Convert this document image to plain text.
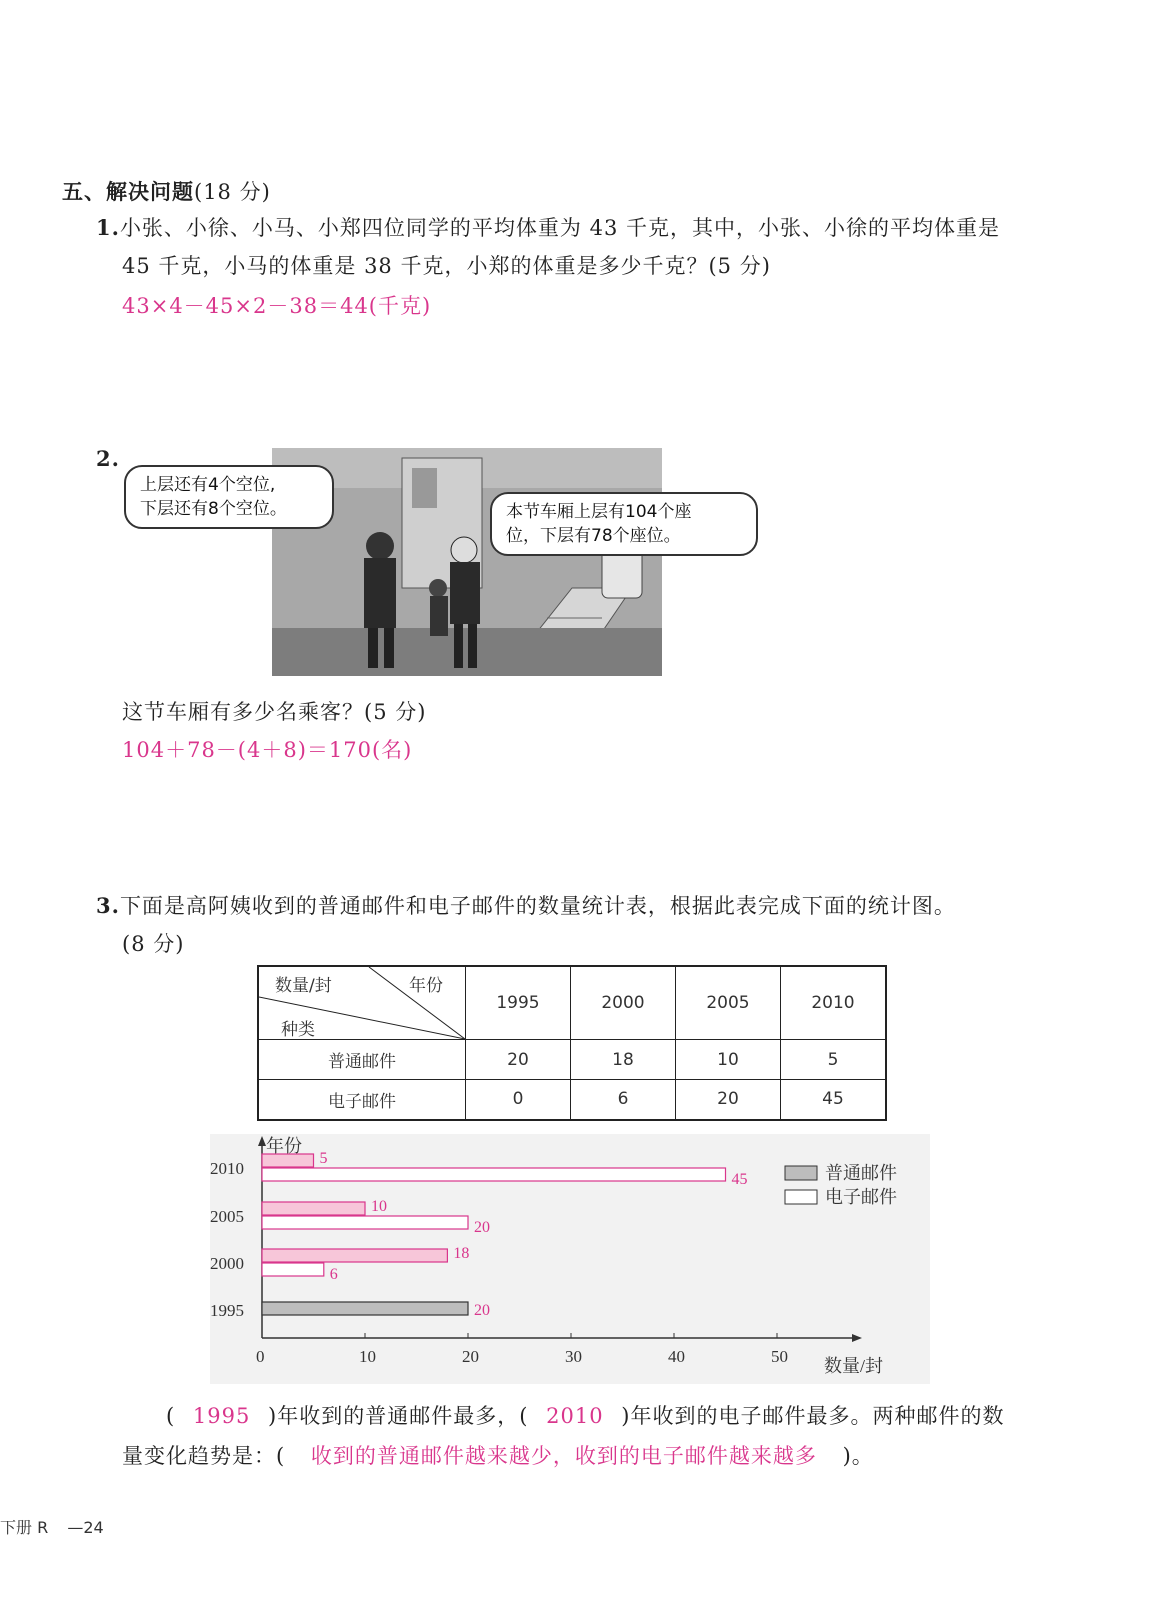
五、解决问题(18 分)
1.小张、小徐、小马、小郑四位同学的平均体重为 43 千克，其中，小张、小徐的平均体重是
45 千克，小马的体重是 38 千克，小郑的体重是多少千克？(5 分)
43×4－45×2－38＝44(千克)
2.
上层还有4个空位,
下层还有8个空位。	本节车厢上层有104个座
位，下层有78个座位。
这节车厢有多少名乘客？(5 分)
104＋78－(4＋8)＝170(名)
3.下面是高阿姨收到的普通邮件和电子邮件的数量统计表，根据此表完成下面的统计图。
(8 分)
数量/封 年份
种类	1995	2000	2005	2010
普通邮件	20	18	10	5
电子邮件	0	6	20	45
0	10	20	30	40	50
1995	20
2000
18
6
2005
10
20
2010
5
45	普通邮件
电子邮件
年份
数量/封
( 1995 )年收到的普通邮件最多，( 2010 )年收到的电子邮件最多。两种邮件的数
量变化趋势是：( 收到的普通邮件越来越少，收到的电子邮件越来越多 )。
下册 R —24
